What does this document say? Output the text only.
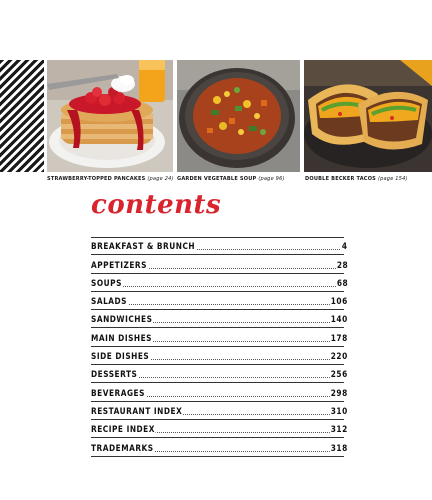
STRAWBERRY-TOPPED PANCAKES (page 24) GARDEN VEGETABLE SOUP (page 96)	DOUBLE BECKER TACOS (page 154)
contents
BREAKFAST & BRUNCH	4
APPETIZERS	28
SOUPS	68
SALADS	106
SANDWICHES	140
MAIN DISHES	178
SIDE DISHES	220
DESSERTS	256
BEVERAGES	298
RESTAURANT INDEX	310
RECIPE INDEX	312
TRADEMARKS	318
